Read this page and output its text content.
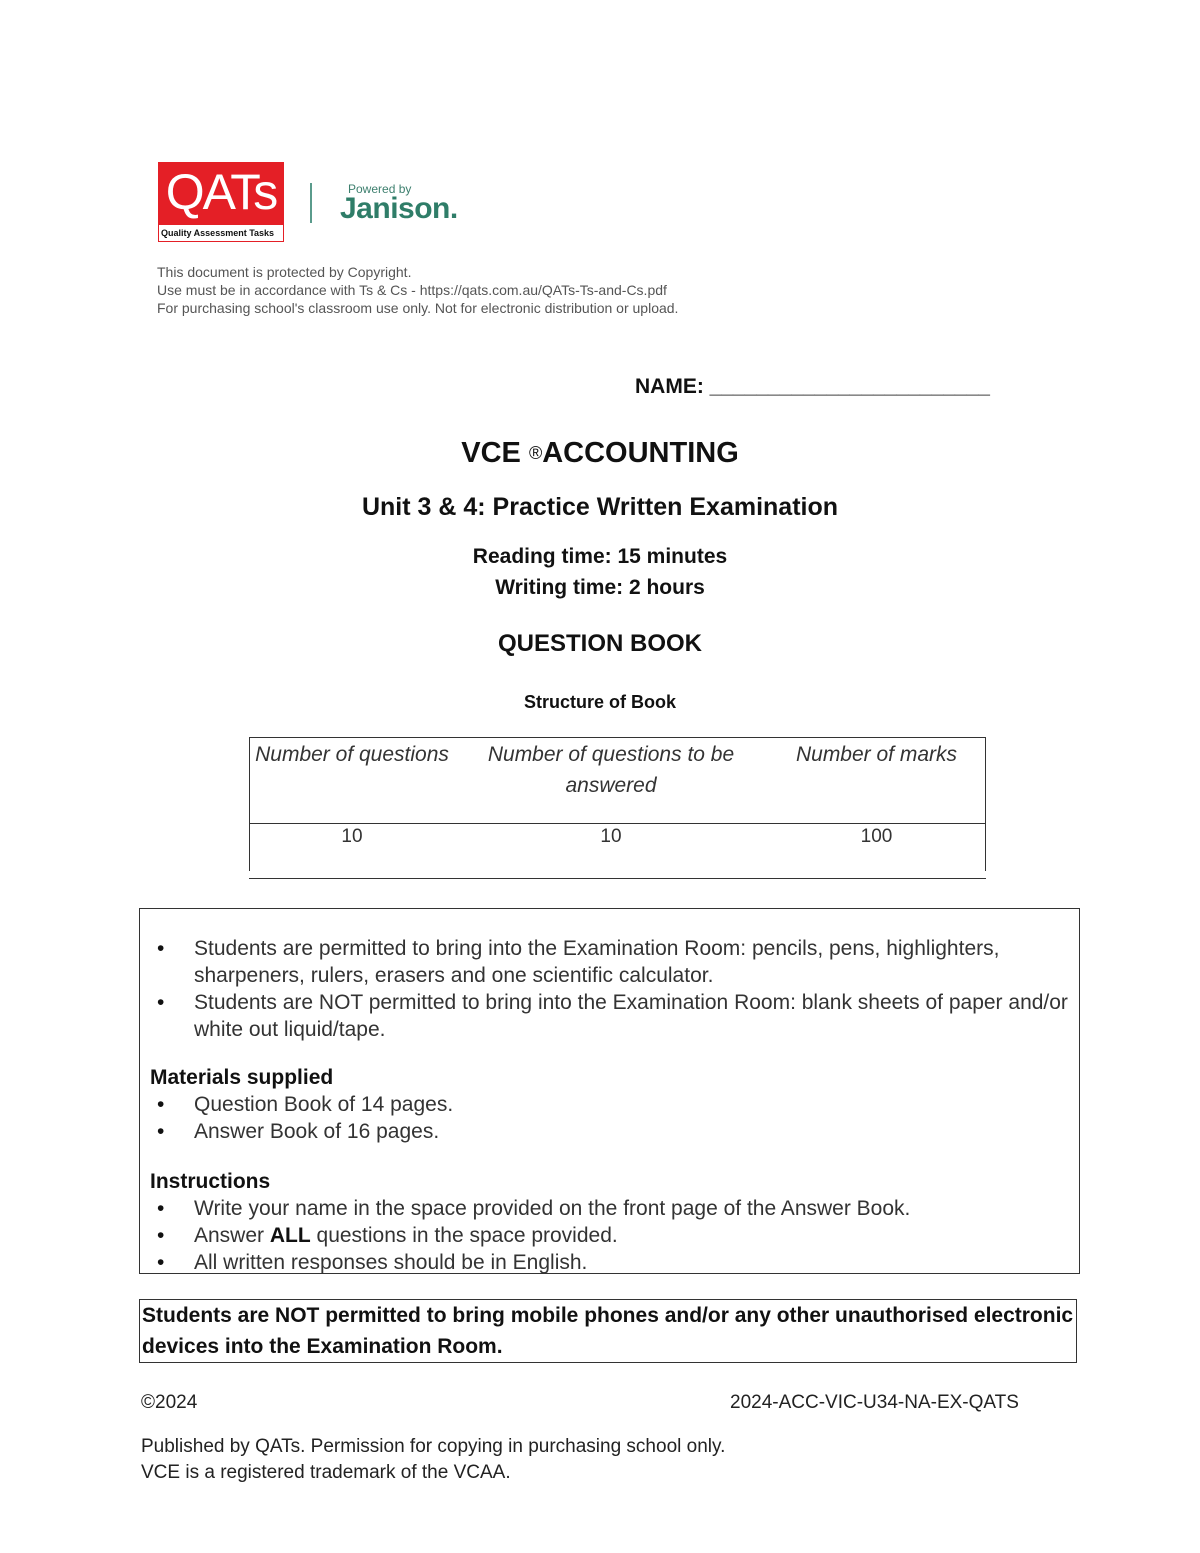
QATs
Quality Assessment Tasks
Powered by
Janison.
This document is protected by Copyright.
Use must be in accordance with Ts & Cs - https://qats.com.au/QATs-Ts-and-Cs.pdf
For purchasing school's classroom use only. Not for electronic distribution or upload.
NAME: ________________________
VCE ®ACCOUNTING
Unit 3 & 4: Practice Written Examination
Reading time: 15 minutes
Writing time: 2 hours
QUESTION BOOK
Structure of Book
Number of questions	Number of questions to be answered	Number of marks
10	10	100
• Students are permitted to bring into the Examination Room: pencils, pens, highlighters, sharpeners, rulers, erasers and one scientific calculator.
• Students are NOT permitted to bring into the Examination Room: blank sheets of paper and/or white out liquid/tape.
Materials supplied
• Question Book of 14 pages.
• Answer Book of 16 pages.
Instructions
• Write your name in the space provided on the front page of the Answer Book.
• Answer ALL questions in the space provided.
• All written responses should be in English.
Students are NOT permitted to bring mobile phones and/or any other unauthorised electronic devices into the Examination Room.
©2024	2024-ACC-VIC-U34-NA-EX-QATS
Published by QATs. Permission for copying in purchasing school only.
VCE is a registered trademark of the VCAA.
